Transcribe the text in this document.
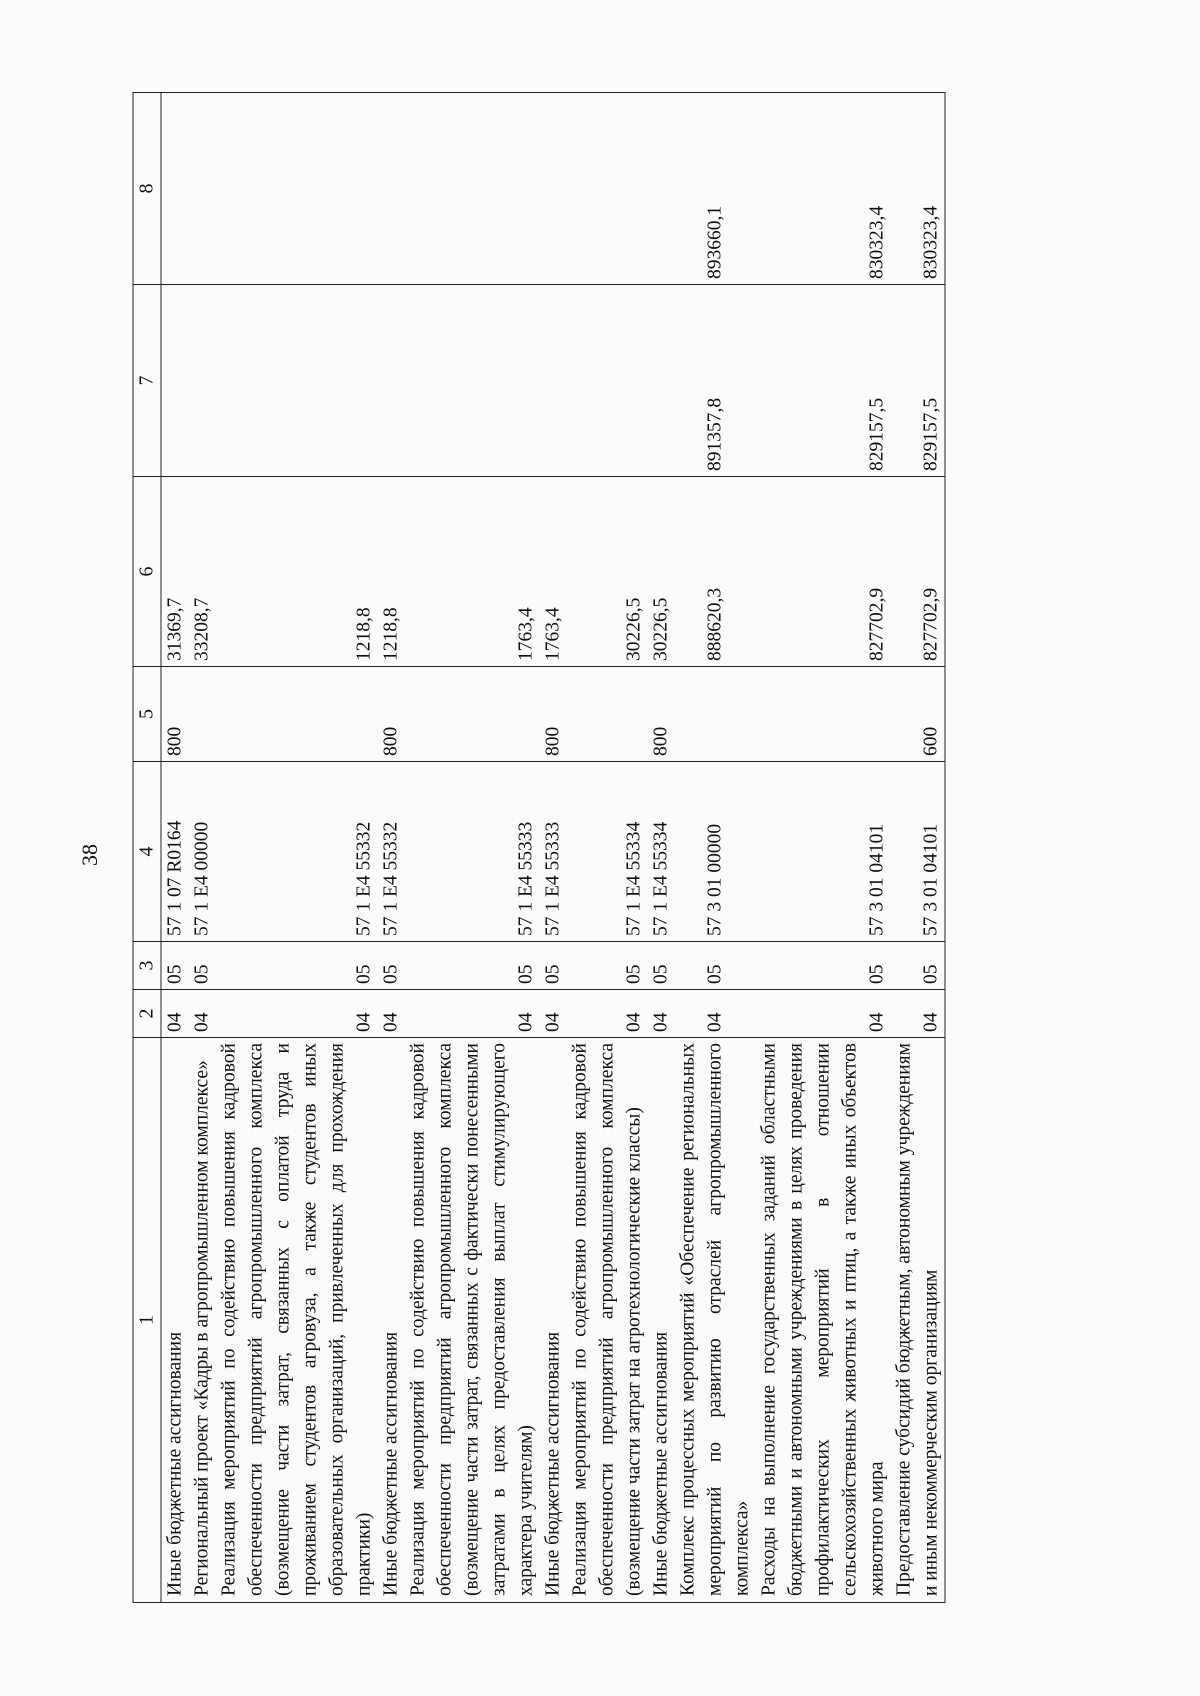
38
1	2	3	4	5	6	7	8
Иные бюджетные ассигнования	04	05	57 1 07 R0164	800	31369,7		
Региональный проект «Кадры в агропромышленном комплексе»	04	05	57 1 E4 00000		33208,7		
Реализация мероприятий по содействию повышения кадровой обеспеченности предприятий агропромышленного комплекса (возмещение части затрат, связанных с оплатой труда и проживанием студентов агровуза, а также студентов иных образовательных организаций, привлеченных для прохождения практики)	04	05	57 1 E4 55332		1218,8		
Иные бюджетные ассигнования	04	05	57 1 E4 55332	800	1218,8		
Реализация мероприятий по содействию повышения кадровой обеспеченности предприятий агропромышленного комплекса (возмещение части затрат, связанных с фактически понесенными затратами в целях предоставления выплат стимулирующего характера учителям)	04	05	57 1 E4 55333		1763,4		
Иные бюджетные ассигнования	04	05	57 1 E4 55333	800	1763,4		
Реализация мероприятий по содействию повышения кадровой обеспеченности предприятий агропромышленного комплекса (возмещение части затрат на агротехнологические классы)	04	05	57 1 E4 55334		30226,5		
Иные бюджетные ассигнования	04	05	57 1 E4 55334	800	30226,5		
Комплекс процессных мероприятий «Обеспечение региональных мероприятий по развитию отраслей агропромышленного комплекса»	04	05	57 3 01 00000		888620,3	891357,8	893660,1
Расходы на выполнение государственных заданий областными бюджетными и автономными учреждениями в целях проведения профилактических мероприятий в отношении сельскохозяйственных животных и птиц, а также иных объектов животного мира	04	05	57 3 01 04101		827702,9	829157,5	830323,4
Предоставление субсидий бюджетным, автономным учреждениям и иным некоммерческим организациям	04	05	57 3 01 04101	600	827702,9	829157,5	830323,4
